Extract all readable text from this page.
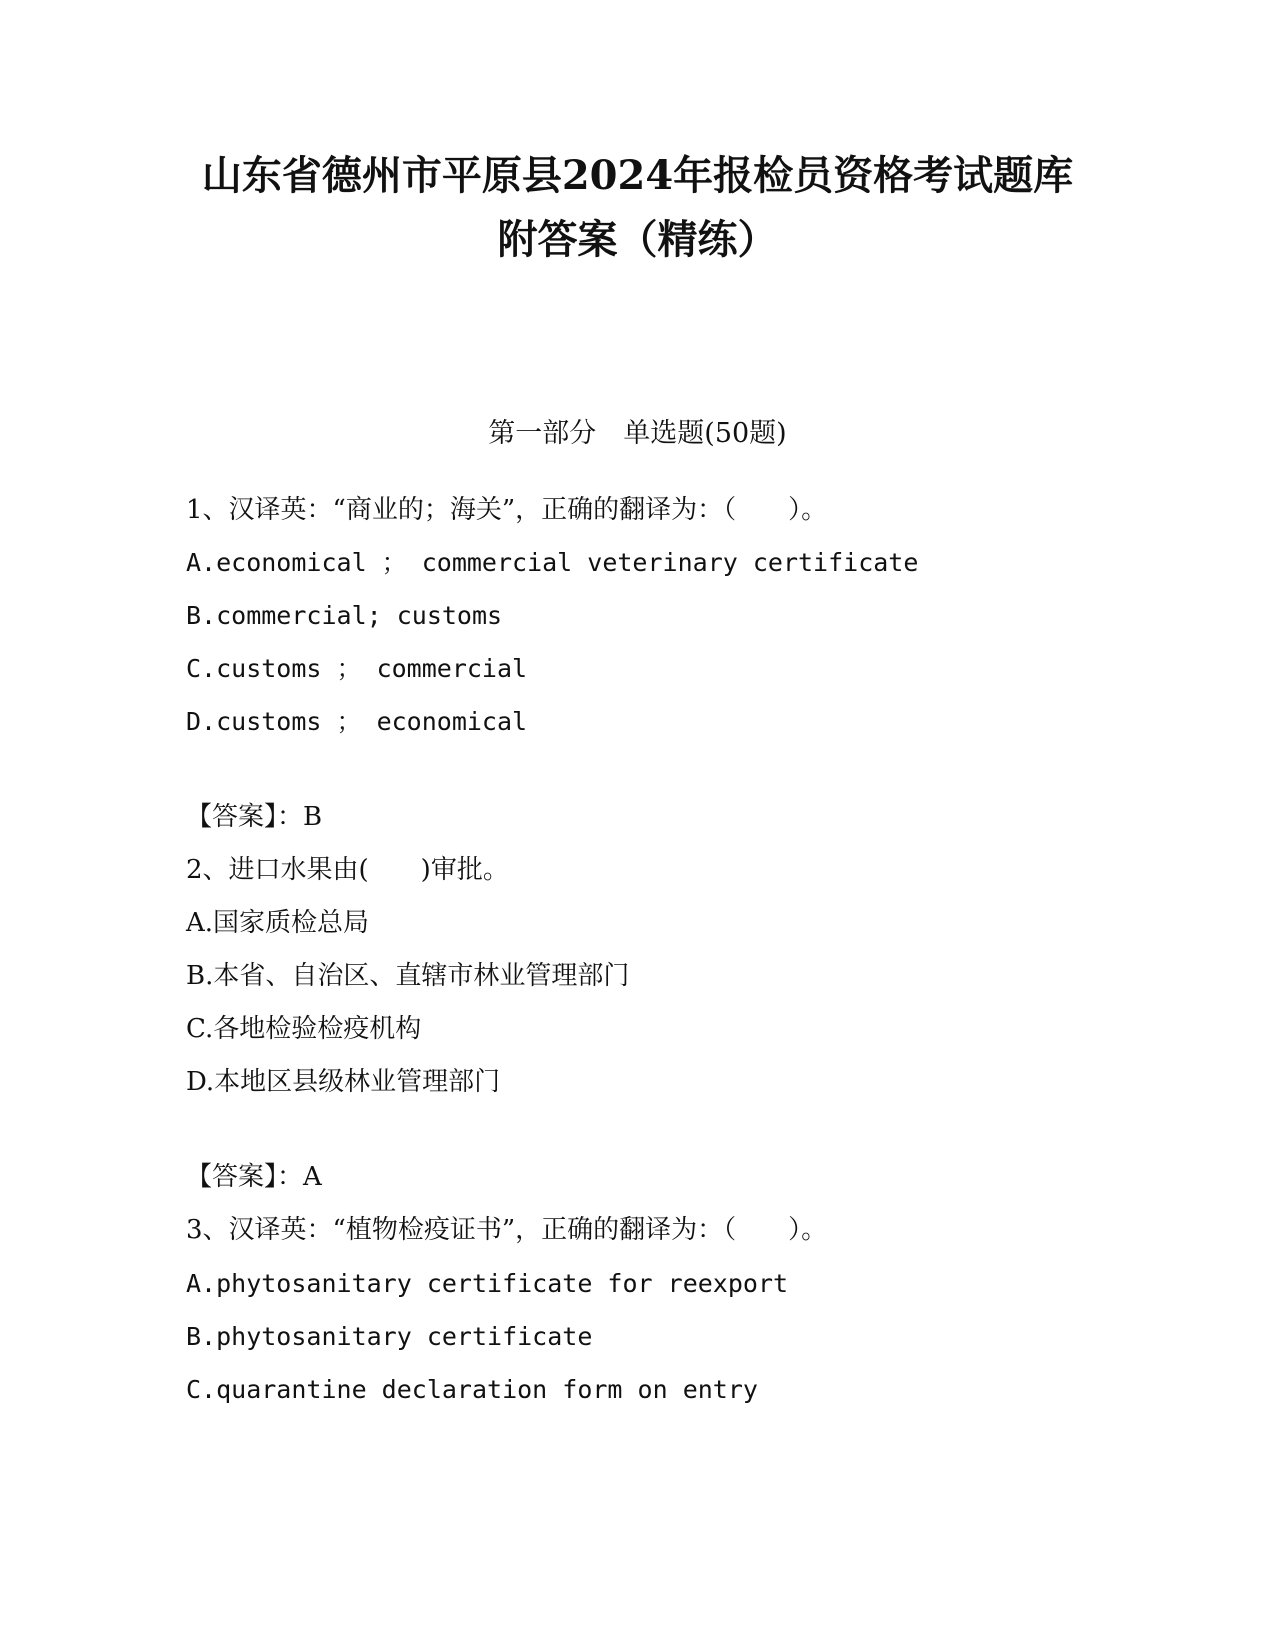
山东省德州市平原县2024年报检员资格考试题库
附答案（精练）
第一部分　单选题(50题)
1、汉译英：“商业的；海关”，正确的翻译为：（　　）。
A.economical ； commercial veterinary certificate
B.commercial; customs
C.customs ； commercial
D.customs ； economical
【答案】：B
2、进口水果由(　　)审批。
A.国家质检总局
B.本省、自治区、直辖市林业管理部门
C.各地检验检疫机构
D.本地区县级林业管理部门
【答案】：A
3、汉译英：“植物检疫证书”，正确的翻译为：（　　）。
A.phytosanitary certificate for reexport
B.phytosanitary certificate
C.quarantine declaration form on entry
